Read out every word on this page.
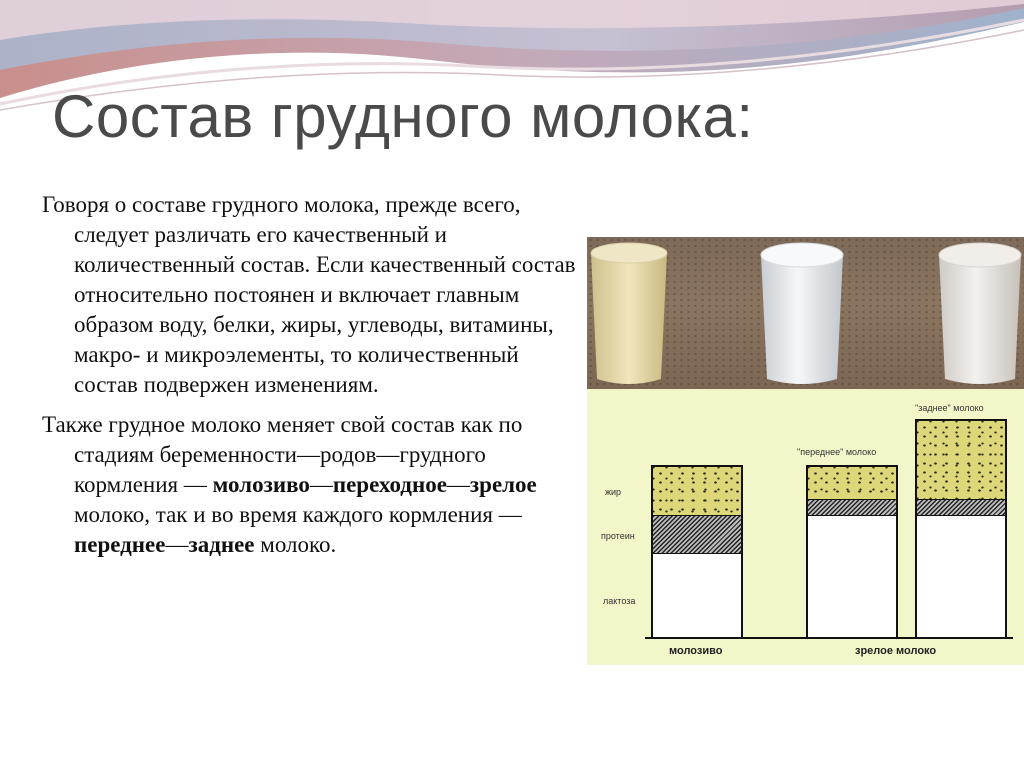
Состав грудного молока:

Говоря о составе грудного молока, прежде всего, следует различать его качественный и количественный состав. Если качественный состав относительно постоянен и включает главным образом воду, белки, жиры, углеводы, витамины, макро- и микроэлементы, то количественный состав подвержен изменениям.

Также грудное молоко меняет свой состав как по стадиям беременности—родов—грудного кормления — молозиво—переходное—зрелое молоко, так и во время каждого кормления — переднее—заднее молоко.

жир
протеин
лактоза
"переднее" молоко
"заднее" молоко
молозиво	зрелое молоко
